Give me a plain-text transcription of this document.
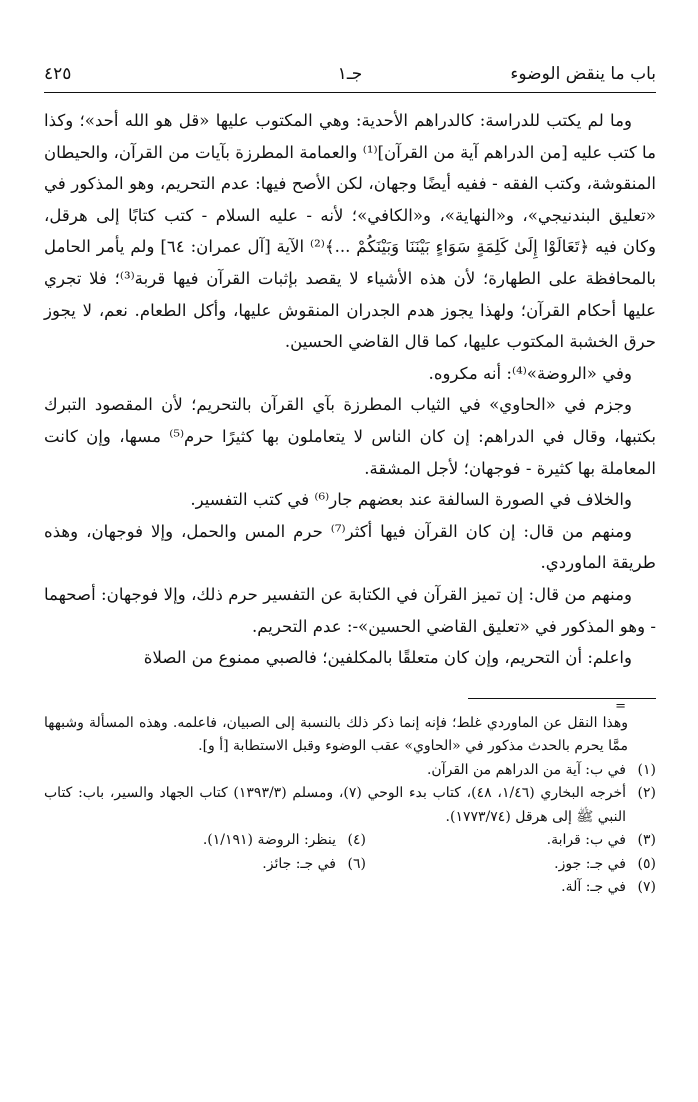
باب ما ينقض الوضوء
جـ١
٤٢٥

وما لم يكتب للدراسة: كالدراهم الأحدية: وهي المكتوب عليها «قل هو الله أحد»؛ وكذا ما كتب عليه [من الدراهم آية من القرآن]⁽¹⁾ والعمامة المطرزة بآيات من القرآن، والحيطان المنقوشة، وكتب الفقه - ففيه أيضًا وجهان، لكن الأصح فيها: عدم التحريم، وهو المذكور في «تعليق البندنيجي»، و«النهاية»، و«الكافي»؛ لأنه - عليه السلام - كتب كتابًا إلى هرقل، وكان فيه ﴿تَعَالَوْا إِلَىٰ كَلِمَةٍ سَوَاءٍ بَيْنَنَا وَبَيْنَكُمْ ...﴾⁽²⁾ الآية [آل عمران: ٦٤] ولم يأمر الحامل بالمحافظة على الطهارة؛ لأن هذه الأشياء لا يقصد بإثبات القرآن فيها قربة⁽³⁾؛ فلا تجري عليها أحكام القرآن؛ ولهذا يجوز هدم الجدران المنقوش عليها، وأكل الطعام. نعم، لا يجوز حرق الخشبة المكتوب عليها، كما قال القاضي الحسين.

وفي «الروضة»⁽⁴⁾: أنه مكروه.

وجزم في «الحاوي» في الثياب المطرزة بآي القرآن بالتحريم؛ لأن المقصود التبرك بكتبها، وقال في الدراهم: إن كان الناس لا يتعاملون بها كثيرًا حرم⁽⁵⁾ مسها، وإن كانت المعاملة بها كثيرة - فوجهان؛ لأجل المشقة.

والخلاف في الصورة السالفة عند بعضهم جار⁽⁶⁾ في كتب التفسير.

ومنهم من قال: إن كان القرآن فيها أكثر⁽⁷⁾ حرم المس والحمل، وإلا فوجهان، وهذه طريقة الماوردي.

ومنهم من قال: إن تميز القرآن في الكتابة عن التفسير حرم ذلك، وإلا فوجهان: أصحهما - وهو المذكور في «تعليق القاضي الحسين»-: عدم التحريم.

واعلم: أن التحريم، وإن كان متعلقًا بالمكلفين؛ فالصبي ممنوع من الصلاة

=

وهذا النقل عن الماوردي غلط؛ فإنه إنما ذكر ذلك بالنسبة إلى الصبيان، فاعلمه. وهذه المسألة وشبهها ممَّا يحرم بالحدث مذكور في «الحاوي» عقب الوضوء وقبل الاستطابة [أ و].

(١)
في ب: آية من الدراهم من القرآن.
(٢)
أخرجه البخاري (١/٤٦، ٤٨)، كتاب بدء الوحي (٧)، ومسلم (١٣٩٣/٣) كتاب الجهاد والسير، باب: كتاب النبي ﷺ إلى هرقل (١٧٧٣/٧٤).
(٣)
في ب: قرابة.
(٤)
ينظر: الروضة (١/١٩١).
(٥)
في جـ: جوز.
(٦)
في جـ: جائز.
(٧)
في جـ: آلة.
